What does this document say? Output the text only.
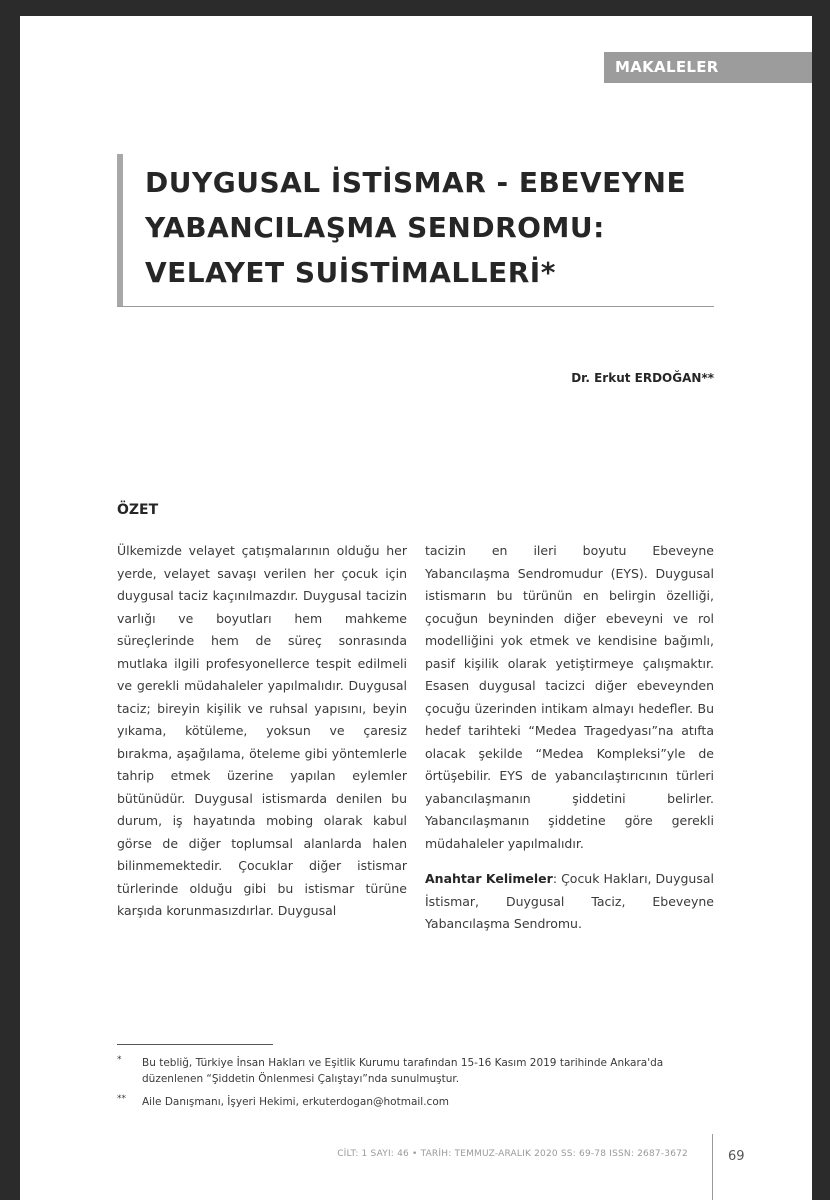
MAKALELER
DUYGUSAL İSTİSMAR - EBEVEYNE
YABANCILAŞMA SENDROMU:
VELAYET SUİSTİMALLERİ*
Dr. Erkut ERDOĞAN**
ÖZET

Ülkemizde velayet çatışmalarının olduğu her yerde, velayet savaşı verilen her çocuk için duygusal taciz kaçınılmazdır. Duygusal tacizin varlığı ve boyutları hem mahkeme süreçlerinde hem de süreç sonrasında mutlaka ilgili profesyonellerce tespit edilmeli ve gerekli müdahaleler yapılmalıdır. Duygusal taciz; bireyin kişilik ve ruhsal yapısını, beyin yıkama, kötüleme, yoksun ve çaresiz bırakma, aşağılama, öteleme gibi yöntemlerle tahrip etmek üzerine yapılan eylemler bütünüdür. Duygusal istismarda denilen bu durum, iş hayatında mobing olarak kabul görse de diğer toplumsal alanlarda halen bilinmemektedir. Çocuklar diğer istismar türlerinde olduğu gibi bu istismar türüne karşıda korunmasızdırlar. Duygusal

tacizin en ileri boyutu Ebeveyne Yabancılaşma Sendromudur (EYS). Duygusal istismarın bu türünün en belirgin özelliği, çocuğun beyninden diğer ebeveyni ve rol modelliğini yok etmek ve kendisine bağımlı, pasif kişilik olarak yetiştirmeye çalışmaktır. Esasen duygusal tacizci diğer ebeveynden çocuğu üzerinden intikam almayı hedefler. Bu hedef tarihteki “Medea Tragedyası”na atıfta olacak şekilde “Medea Kompleksi”yle de örtüşebilir. EYS de yabancılaştırıcının türleri yabancılaşmanın şiddetini belirler. Yabancılaşmanın şiddetine göre gerekli müdahaleler yapılmalıdır.

Anahtar Kelimeler: Çocuk Hakları, Duygusal İstismar, Duygusal Taciz, Ebeveyne Yabancılaşma Sendromu.

* Bu tebliğ, Türkiye İnsan Hakları ve Eşitlik Kurumu tarafından 15-16 Kasım 2019 tarihinde Ankara'da düzenlenen “Şiddetin Önlenmesi Çalıştayı”nda sunulmuştur.
** Aile Danışmanı, İşyeri Hekimi, erkuterdogan@hotmail.com
CİLT: 1 SAYI: 46 • TARİH: TEMMUZ-ARALIK 2020 SS: 69-78 ISSN: 2687-3672	69
